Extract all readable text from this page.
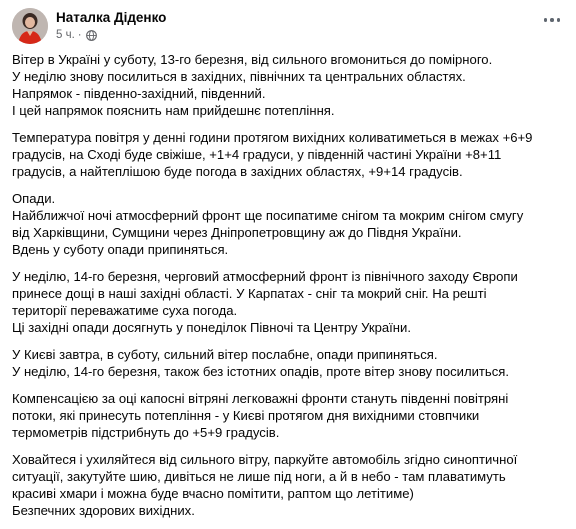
Наталка Діденко
5 ч. ·
Вітер в Україні у суботу, 13-го березня, від сильного вгомониться до помірного.
У неділю знову посилиться в західних, північних та центральних областях.
Напрямок - південно-західний, південний.
І цей напрямок пояснить нам прийдешнє потеплiння.
Температура повітря у денні години протягом вихідних коливатиметься в межах +6+9
градусів, на Сході буде свіжіше, +1+4 градуси, у південній частині України +8+11
градусів, а найтеплішою буде погода в західних областях, +9+14 градусів.
Опади.
Найближчої ночі атмосферний фронт ще посипатиме снігом та мокрим снігом смугу
від Харківщини, Сумщини через Дніпропетровщину аж до Півдня України.
Вдень у суботу опади припиняться.
У неділю, 14-го березня, черговий атмосферний фронт із північного заходу Європи
принесе дощі в наші західні області. У Карпатах - сніг та мокрий сніг. На решті
території переважатиме суха погода.
Ці західні опади досягнуть у понеділок Півночі та Центру України.
У Києві завтра, в суботу, сильний вітер послабне, опади припиняться.
У неділю, 14-го березня, також без істотних опадів, проте вітер знову посилиться.
Компенсацією за оці капосні вітряні легковажні фронти стануть південні повітряні
потоки, які принесуть потепління - у Києві протягом дня вихідними стовпчики
термометрів підстрибнуть до +5+9 градусів.
Ховайтеся і ухиляйтеся від сильного вітру, паркуйте автомобіль згідно синоптичної
ситуації, закутуйте шию, дивіться не лише під ноги, а й в небо - там плаватимуть
красиві хмари і можна буде вчасно помітити, раптом що летітиме)
Безпечних здорових вихідних.
